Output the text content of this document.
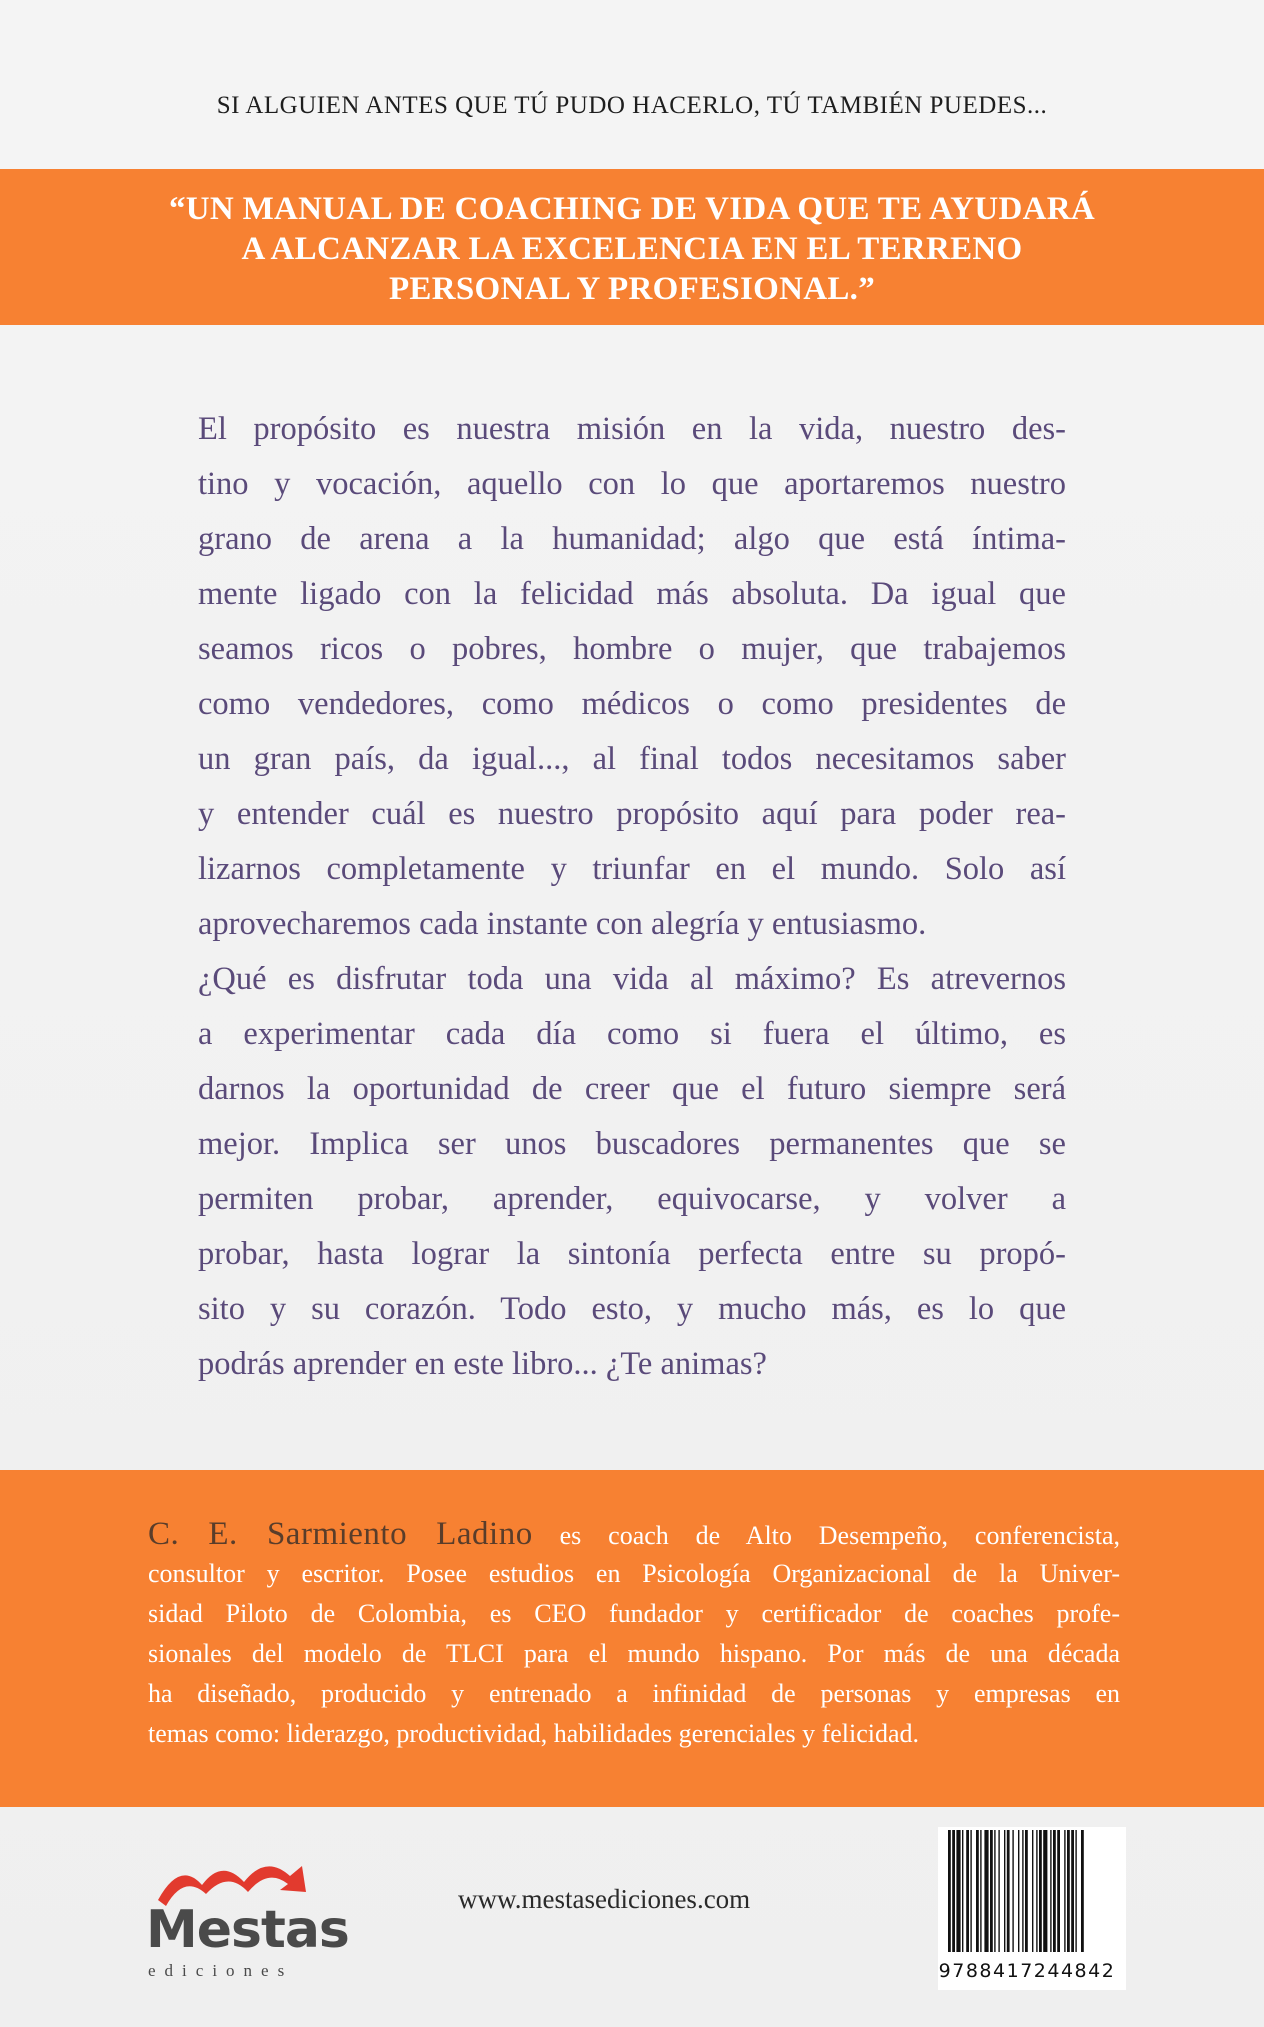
SI ALGUIEN ANTES QUE TÚ PUDO HACERLO, TÚ TAMBIÉN PUEDES...
“UN MANUAL DE COACHING DE VIDA QUE TE AYUDARÁ
A ALCANZAR LA EXCELENCIA EN EL TERRENO
PERSONAL Y PROFESIONAL.”
El propósito es nuestra misión en la vida, nuestro des-
tino y vocación, aquello con lo que aportaremos nuestro
grano de arena a la humanidad; algo que está íntima-
mente ligado con la felicidad más absoluta. Da igual que
seamos ricos o pobres, hombre o mujer, que trabajemos
como vendedores, como médicos o como presidentes de
un gran país, da igual..., al final todos necesitamos saber
y entender cuál es nuestro propósito aquí para poder rea-
lizarnos completamente y triunfar en el mundo. Solo así
aprovecharemos cada instante con alegría y entusiasmo.
¿Qué es disfrutar toda una vida al máximo? Es atrevernos
a experimentar cada día como si fuera el último, es
darnos la oportunidad de creer que el futuro siempre será
mejor. Implica ser unos buscadores permanentes que se
permiten probar, aprender, equivocarse, y volver a
probar, hasta lograr la sintonía perfecta entre su propó-
sito y su corazón. Todo esto, y mucho más, es lo que
podrás aprender en este libro... ¿Te animas?
C. E. Sarmiento Ladino es coach de Alto Desempeño, conferencista,
consultor y escritor. Posee estudios en Psicología Organizacional de la Univer-
sidad Piloto de Colombia, es CEO fundador y certificador de coaches profe-
sionales del modelo de TLCI para el mundo hispano. Por más de una década
ha diseñado, producido y entrenado a infinidad de personas y empresas en
temas como: liderazgo, productividad, habilidades gerenciales y felicidad.
Mestas
ediciones
www.mestasediciones.com
9788417244842
